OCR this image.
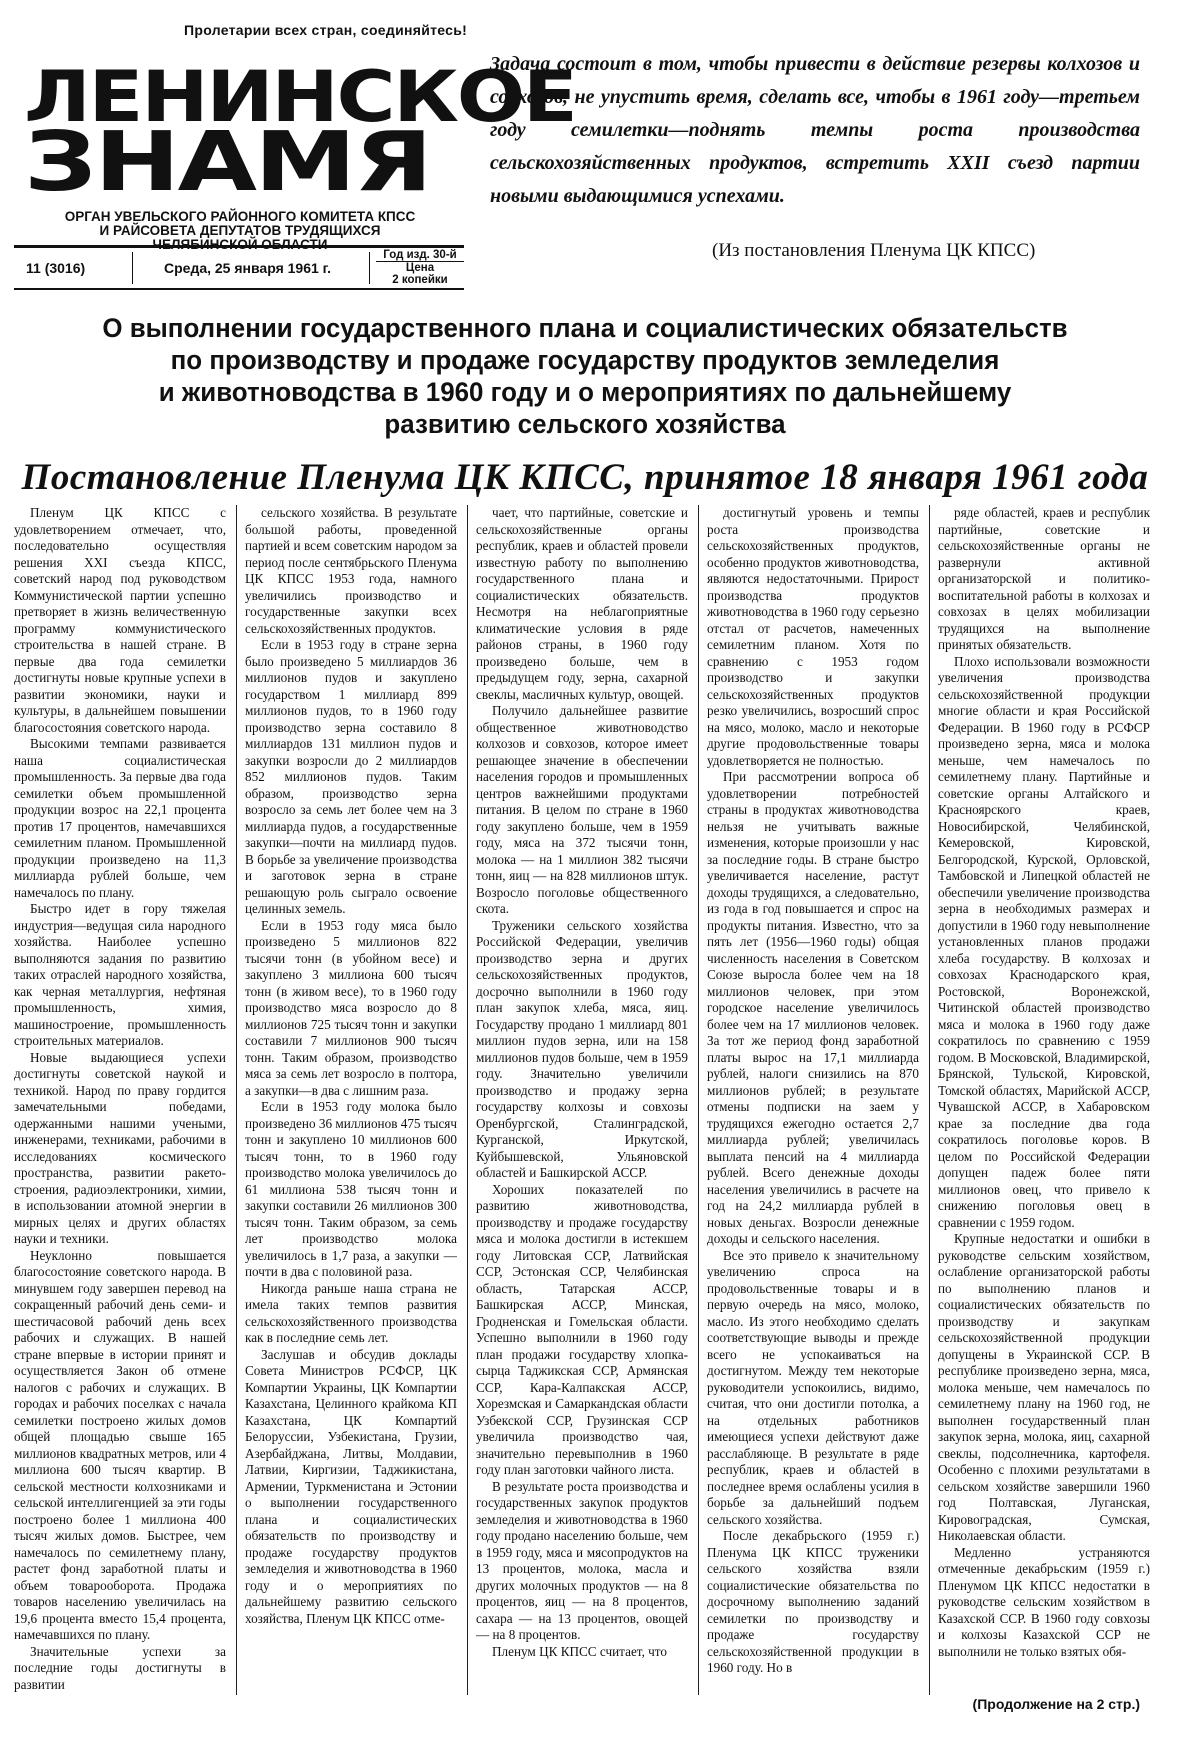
Пролетарии всех стран, соединяйтесь!
ЛЕНИНСКОЕ
ЗНАМЯ
ОРГАН УВЕЛЬСКОГО РАЙОННОГО КОМИТЕТА КПСС
И РАЙСОВЕТА ДЕПУТАТОВ ТРУДЯЩИХСЯ
ЧЕЛЯБИНСКОЙ ОБЛАСТИ
11 (3016)	Среда, 25 января 1961 г.
Год изд. 30-й
Цена
2 копейки
Задача состоит в том, чтобы привести в действие резервы колхозов и совхозов, не упустить время, сделать все, чтобы в 1961 году—третьем году семилетки—поднять темпы роста производства сельскохозяйственных продуктов, встретить XXII съезд партии новыми выдающимися успехами.
(Из постановления Пленума ЦК КПСС)
О выполнении государственного плана и социалистических обязательств
по производству и продаже государству продуктов земледелия
и животноводства в 1960 году и о мероприятиях по дальнейшему
развитию сельского хозяйства
Постановление Пленума ЦК КПСС, принятое 18 января 1961 года

Пленум ЦК КПСС с удовлетворением отмечает, что, последовательно осуществляя решения XXI съезда КПСС, советский народ под руководством Коммунистической партии успешно претворяет в жизнь величественную программу коммунистического строительства в нашей стране. В первые два года семилетки достигнуты новые крупные успехи в развитии экономики, науки и культуры, в дальнейшем повышении благосостояния советского народа.

Высокими темпами развивается наша социалистическая промышленность. За первые два года семилетки объем промышленной продукции возрос на 22,1 процента против 17 процентов, намечавшихся семилетним планом. Промышленной продукции произведено на 11,3 миллиарда рублей больше, чем намечалось по плану.

Быстро идет в гору тяжелая индустрия—ведущая сила народного хозяйства. Наиболее успешно выполняются задания по развитию таких отраслей народного хозяйства, как черная металлургия, нефтяная промышленность, химия, машиностроение, промышленность строительных материалов.

Новые выдающиеся успехи достигнуты советской наукой и техникой. Народ по праву гордится замечательными победами, одержанными нашими учеными, инженерами, техниками, рабочими в исследованиях космического пространства, развитии ракето-строения, радиоэлектроники, химии, в использовании атомной энергии в мирных целях и других областях науки и техники.

Неуклонно повышается благосостояние советского народа. В минувшем году завершен перевод на сокращенный рабочий день семи- и шестичасовой рабочий день всех рабочих и служащих. В нашей стране впервые в истории принят и осуществляется Закон об отмене налогов с рабочих и служащих. В городах и рабочих поселках с начала семилетки построено жилых домов общей площадью свыше 165 миллионов квадратных метров, или 4 миллиона 600 тысяч квартир. В сельской местности колхозниками и сельской интеллигенцией за эти годы построено более 1 миллиона 400 тысяч жилых домов. Быстрее, чем намечалось по семилетнему плану, растет фонд заработной платы и объем товарооборота. Продажа товаров населению увеличилась на 19,6 процента вместо 15,4 процента, намечавшихся по плану.

Значительные успехи за последние годы достигнуты в развитии

сельского хозяйства. В результате большой работы, проведенной партией и всем советским народом за период после сентябрьского Пленума ЦК КПСС 1953 года, намного увеличились производство и государственные закупки всех сельскохозяйственных продуктов.

Если в 1953 году в стране зерна было произведено 5 миллиардов 36 миллионов пудов и закуплено государством 1 миллиард 899 миллионов пудов, то в 1960 году производство зерна составило 8 миллиардов 131 миллион пудов и закупки возросли до 2 миллиардов 852 миллионов пудов. Таким образом, производство зерна возросло за семь лет более чем на 3 миллиарда пудов, а государственные закупки—почти на миллиард пудов. В борьбе за увеличение производства и заготовок зерна в стране решающую роль сыграло освоение целинных земель.

Если в 1953 году мяса было произведено 5 миллионов 822 тысячи тонн (в убойном весе) и закуплено 3 миллиона 600 тысяч тонн (в живом весе), то в 1960 году производство мяса возросло до 8 миллионов 725 тысяч тонн и закупки составили 7 миллионов 900 тысяч тонн. Таким образом, производство мяса за семь лет возросло в полтора, а закупки—в два с лишним раза.

Если в 1953 году молока было произведено 36 миллионов 475 тысяч тонн и закуплено 10 миллионов 600 тысяч тонн, то в 1960 году производство молока увеличилось до 61 миллиона 538 тысяч тонн и закупки составили 26 миллионов 300 тысяч тонн. Таким образом, за семь лет производство молока увеличилось в 1,7 раза, а закупки — почти в два с половиной раза.

Никогда раньше наша страна не имела таких темпов развития сельскохозяйственного производства как в последние семь лет.

Заслушав и обсудив доклады Совета Министров РСФСР, ЦК Компартии Украины, ЦК Компартии Казахстана, Целинного крайкома КП Казахстана, ЦК Компартий Белоруссии, Узбекистана, Грузии, Азербайджана, Литвы, Молдавии, Латвии, Киргизии, Таджикистана, Армении, Туркменистана и Эстонии о выполнении государственного плана и социалистических обязательств по производству и продаже государству продуктов земледелия и животноводства в 1960 году и о мероприятиях по дальнейшему развитию сельского хозяйства, Пленум ЦК КПСС отме-

чает, что партийные, советские и сельскохозяйственные органы республик, краев и областей провели известную работу по выполнению государственного плана и социалистических обязательств. Несмотря на неблагоприятные климатические условия в ряде районов страны, в 1960 году произведено больше, чем в предыдущем году, зерна, сахарной свеклы, масличных культур, овощей.

Получило дальнейшее развитие общественное животноводство колхозов и совхозов, которое имеет решающее значение в обеспечении населения городов и промышленных центров важнейшими продуктами питания. В целом по стране в 1960 году закуплено больше, чем в 1959 году, мяса на 372 тысячи тонн, молока — на 1 миллион 382 тысячи тонн, яиц — на 828 миллионов штук. Возросло поголовье общественного скота.

Труженики сельского хозяйства Российской Федерации, увеличив производство зерна и других сельскохозяйственных продуктов, досрочно выполнили в 1960 году план закупок хлеба, мяса, яиц. Государству продано 1 миллиард 801 миллион пудов зерна, или на 158 миллионов пудов больше, чем в 1959 году. Значительно увеличили производство и продажу зерна государству колхозы и совхозы Оренбургской, Сталинградской, Курганской, Иркутской, Куйбышевской, Ульяновской областей и Башкирской АССР.

Хороших показателей по развитию животноводства, производству и продаже государству мяса и молока достигли в истекшем году Литовская ССР, Латвийская ССР, Эстонская ССР, Челябинская область, Татарская АССР, Башкирская АССР, Минская, Гродненская и Гомельская области. Успешно выполнили в 1960 году план продажи государству хлопка-сырца Таджикская ССР, Армянская ССР, Кара-Калпакская АССР, Хорезмская и Самаркандская области Узбекской ССР, Грузинская ССР увеличила производство чая, значительно перевыполнив в 1960 году план заготовки чайного листа.

В результате роста производства и государственных закупок продуктов земледелия и животноводства в 1960 году продано населению больше, чем в 1959 году, мяса и мясопродуктов на 13 процентов, молока, масла и других молочных продуктов — на 8 процентов, яиц — на 8 процентов, сахара — на 13 процентов, овощей — на 8 процентов.

Пленум ЦК КПСС считает, что

достигнутый уровень и темпы роста производства сельскохозяйственных продуктов, особенно продуктов животноводства, являются недостаточными. Прирост производства продуктов животноводства в 1960 году серьезно отстал от расчетов, намеченных семилетним планом. Хотя по сравнению с 1953 годом производство и закупки сельскохозяйственных продуктов резко увеличились, возросший спрос на мясо, молоко, масло и некоторые другие продовольственные товары удовлетворяется не полностью.

При рассмотрении вопроса об удовлетворении потребностей страны в продуктах животноводства нельзя не учитывать важные изменения, которые произошли у нас за последние годы. В стране быстро увеличивается население, растут доходы трудящихся, а следовательно, из года в год повышается и спрос на продукты питания. Известно, что за пять лет (1956—1960 годы) общая численность населения в Советском Союзе выросла более чем на 18 миллионов человек, при этом городское население увеличилось более чем на 17 миллионов человек. За тот же период фонд заработной платы вырос на 17,1 миллиарда рублей, налоги снизились на 870 миллионов рублей; в результате отмены подписки на заем у трудящихся ежегодно остается 2,7 миллиарда рублей; увеличилась выплата пенсий на 4 миллиарда рублей. Всего денежные доходы населения увеличились в расчете на год на 24,2 миллиарда рублей в новых деньгах. Возросли денежные доходы и сельского населения.

Все это привело к значительному увеличению спроса на продовольственные товары и в первую очередь на мясо, молоко, масло. Из этого необходимо сделать соответствующие выводы и прежде всего не успокаиваться на достигнутом. Между тем некоторые руководители успокоились, видимо, считая, что они достигли потолка, а на отдельных работников имеющиеся успехи действуют даже расслабляюще. В результате в ряде республик, краев и областей в последнее время ослаблены усилия в борьбе за дальнейший подъем сельского хозяйства.

После декабрьского (1959 г.) Пленума ЦК КПСС труженики сельского хозяйства взяли социалистические обязательства по досрочному выполнению заданий семилетки по производству и продаже государству сельскохозяйственной продукции в 1960 году. Но в

ряде областей, краев и республик партийные, советские и сельскохозяйственные органы не развернули активной организаторской и политико-воспитательной работы в колхозах и совхозах в целях мобилизации трудящихся на выполнение принятых обязательств.

Плохо использовали возможности увеличения производства сельскохозяйственной продукции многие области и края Российской Федерации. В 1960 году в РСФСР произведено зерна, мяса и молока меньше, чем намечалось по семилетнему плану. Партийные и советские органы Алтайского и Красноярского краев, Новосибирской, Челябинской, Кемеровской, Кировской, Белгородской, Курской, Орловской, Тамбовской и Липецкой областей не обеспечили увеличение производства зерна в необходимых размерах и допустили в 1960 году невыполнение установленных планов продажи хлеба государству. В колхозах и совхозах Краснодарского края, Ростовской, Воронежской, Читинской областей производство мяса и молока в 1960 году даже сократилось по сравнению с 1959 годом. В Московской, Владимирской, Брянской, Тульской, Кировской, Томской областях, Марийской АССР, Чувашской АССР, в Хабаровском крае за последние два года сократилось поголовье коров. В целом по Российской Федерации допущен падеж более пяти миллионов овец, что привело к снижению поголовья овец в сравнении с 1959 годом.

Крупные недостатки и ошибки в руководстве сельским хозяйством, ослабление организаторской работы по выполнению планов и социалистических обязательств по производству и закупкам сельскохозяйственной продукции допущены в Украинской ССР. В республике произведено зерна, мяса, молока меньше, чем намечалось по семилетнему плану на 1960 год, не выполнен государственный план закупок зерна, молока, яиц, сахарной свеклы, подсолнечника, картофеля. Особенно с плохими результатами в сельском хозяйстве завершили 1960 год Полтавская, Луганская, Кировоградская, Сумская, Николаевская области.

Медленно устраняются отмеченные декабрьским (1959 г.) Пленумом ЦК КПСС недостатки в руководстве сельским хозяйством в Казахской ССР. В 1960 году совхозы и колхозы Казахской ССР не выполнили не только взятых обя-

(Продолжение на 2 стр.)
